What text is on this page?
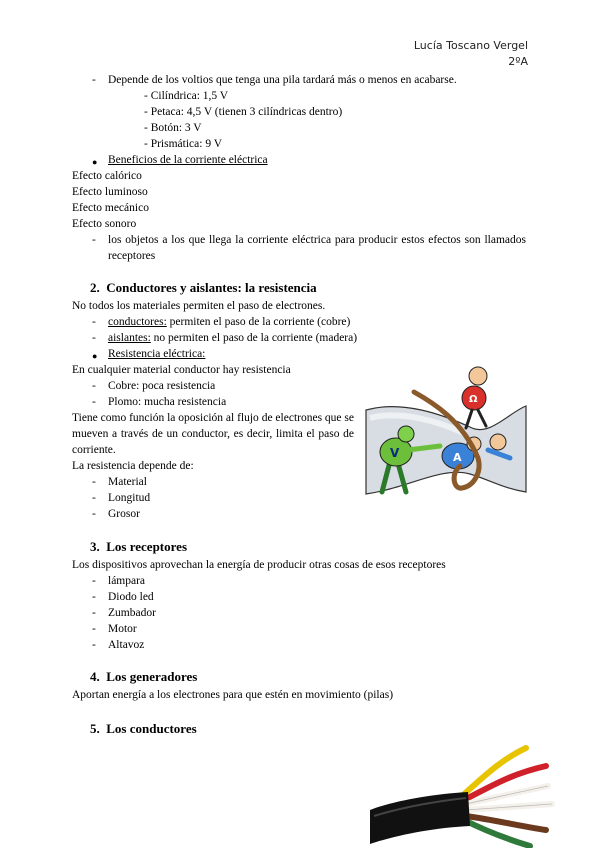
Lucía Toscano Vergel
2ºA
- Depende de los voltios que tenga una pila tardará más o menos en acabarse.
- Cilíndrica: 1,5 V
- Petaca: 4,5 V (tienen 3 cilíndricas dentro)
- Botón: 3 V
- Prismática: 9 V
● Beneficios de la corriente eléctrica
Efecto calórico
Efecto luminoso
Efecto mecánico
Efecto sonoro
- los objetos a los que llega la corriente eléctrica para producir estos efectos son llamados receptores
2. Conductores y aislantes: la resistencia
No todos los materiales permiten el paso de electrones.
- conductores: permiten el paso de la corriente (cobre)
- aislantes: no permiten el paso de la corriente (madera)
● Resistencia eléctrica:
En cualquier material conductor hay resistencia
- Cobre: poca resistencia
- Plomo: mucha resistencia
Tiene como función la oposición al flujo de electrones que se mueven a través de un conductor, es decir, limita el paso de corriente.
La resistencia depende de:
- Material
- Longitud
- Grosor
V	A
Ω
3. Los receptores
Los dispositivos aprovechan la energía de producir otras cosas de esos receptores
- lámpara
- Diodo led
- Zumbador
- Motor
- Altavoz
4. Los generadores
Aportan energía a los electrones para que estén en movimiento (pilas)
5. Los conductores
